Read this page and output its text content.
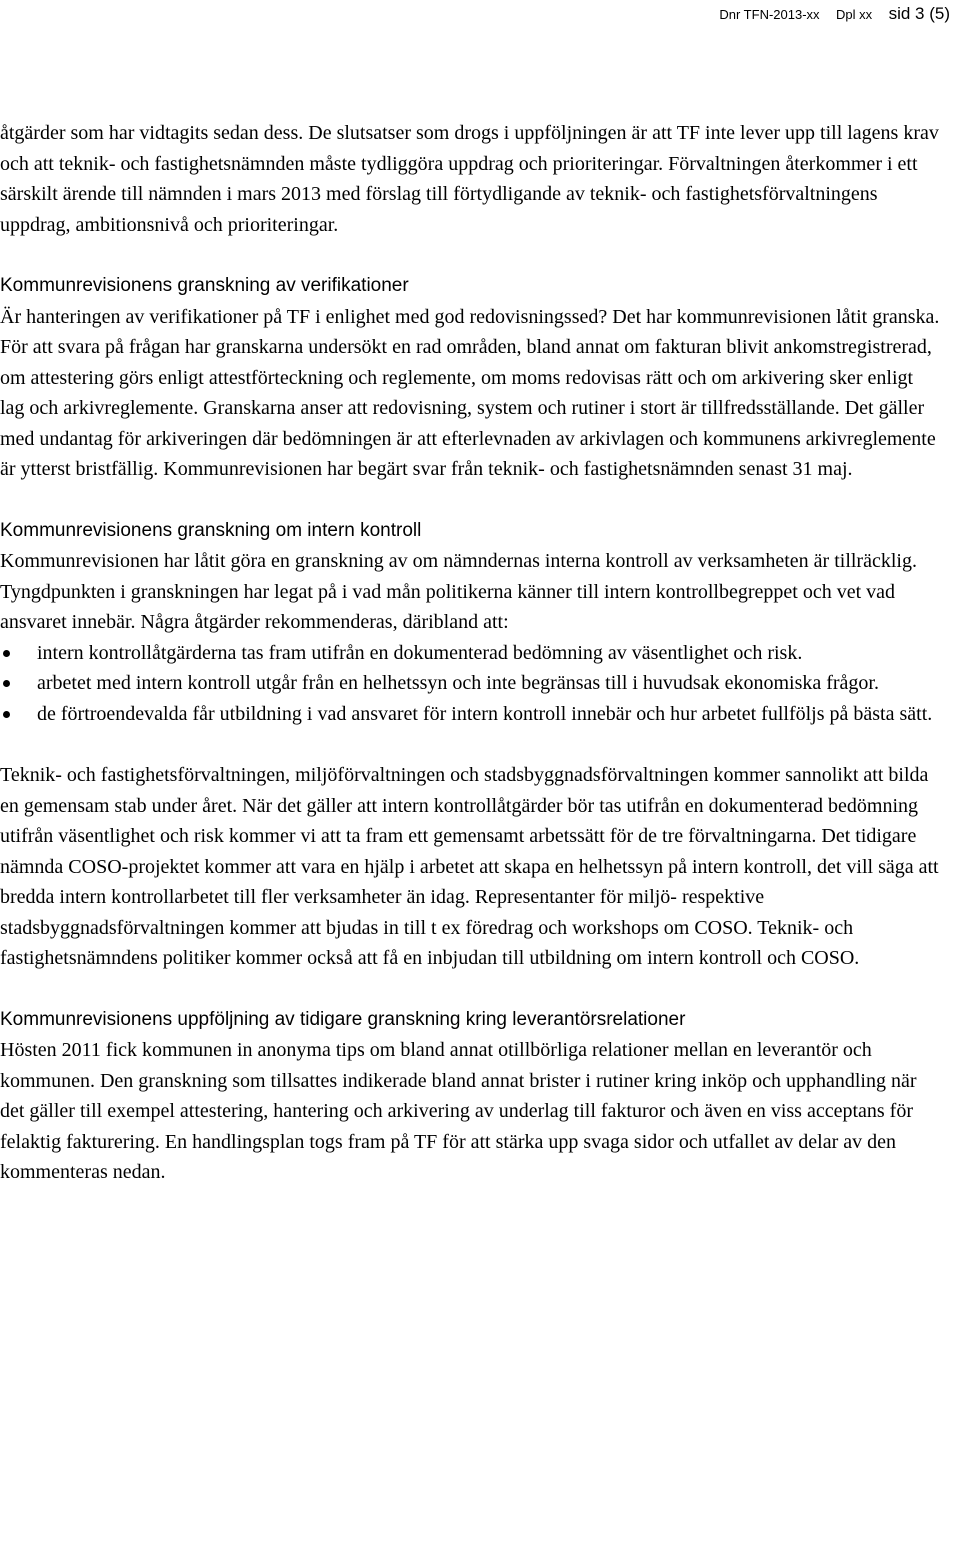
Dnr TFN-2013-xx Dpl xx sid 3 (5)

åtgärder som har vidtagits sedan dess. De slutsatser som drogs i uppföljningen är att TF inte lever upp till lagens krav och att teknik- och fastighetsnämnden måste tydliggöra uppdrag och prioriteringar. Förvaltningen återkommer i ett särskilt ärende till nämnden i mars 2013 med förslag till förtydligande av teknik- och fastighetsförvaltningens uppdrag, ambitionsnivå och prioriteringar.

Kommunrevisionens granskning av verifikationer

Är hanteringen av verifikationer på TF i enlighet med god redovisningssed? Det har kommunrevisionen låtit granska. För att svara på frågan har granskarna undersökt en rad områden, bland annat om fakturan blivit ankomstregistrerad, om attestering görs enligt attestförteckning och reglemente, om moms redovisas rätt och om arkivering sker enligt lag och arkivreglemente. Granskarna anser att redovisning, system och rutiner i stort är tillfredsställande. Det gäller med undantag för arkiveringen där bedömningen är att efterlevnaden av arkivlagen och kommunens arkivreglemente är ytterst bristfällig. Kommunrevisionen har begärt svar från teknik- och fastighetsnämnden senast 31 maj.

Kommunrevisionens granskning om intern kontroll

Kommunrevisionen har låtit göra en granskning av om nämndernas interna kontroll av verksamheten är tillräcklig. Tyngdpunkten i granskningen har legat på i vad mån politikerna känner till intern kontrollbegreppet och vet vad ansvaret innebär. Några åtgärder rekommenderas, däribland att:

intern kontrollåtgärderna tas fram utifrån en dokumenterad bedömning av väsentlighet och risk.
arbetet med intern kontroll utgår från en helhetssyn och inte begränsas till i huvudsak ekonomiska frågor.
de förtroendevalda får utbildning i vad ansvaret för intern kontroll innebär och hur arbetet fullföljs på bästa sätt.

Teknik- och fastighetsförvaltningen, miljöförvaltningen och stadsbyggnadsförvaltningen kommer sannolikt att bilda en gemensam stab under året. När det gäller att intern kontrollåtgärder bör tas utifrån en dokumenterad bedömning utifrån väsentlighet och risk kommer vi att ta fram ett gemensamt arbetssätt för de tre förvaltningarna. Det tidigare nämnda COSO-projektet kommer att vara en hjälp i arbetet att skapa en helhetssyn på intern kontroll, det vill säga att bredda intern kontrollarbetet till fler verksamheter än idag. Representanter för miljö- respektive stadsbyggnadsförvaltningen kommer att bjudas in till t ex föredrag och workshops om COSO. Teknik- och fastighetsnämndens politiker kommer också att få en inbjudan till utbildning om intern kontroll och COSO.

Kommunrevisionens uppföljning av tidigare granskning kring leverantörsrelationer

Hösten 2011 fick kommunen in anonyma tips om bland annat otillbörliga relationer mellan en leverantör och kommunen. Den granskning som tillsattes indikerade bland annat brister i rutiner kring inköp och upphandling när det gäller till exempel attestering, hantering och arkivering av underlag till fakturor och även en viss acceptans för felaktig fakturering. En handlingsplan togs fram på TF för att stärka upp svaga sidor och utfallet av delar av den kommenteras nedan.
